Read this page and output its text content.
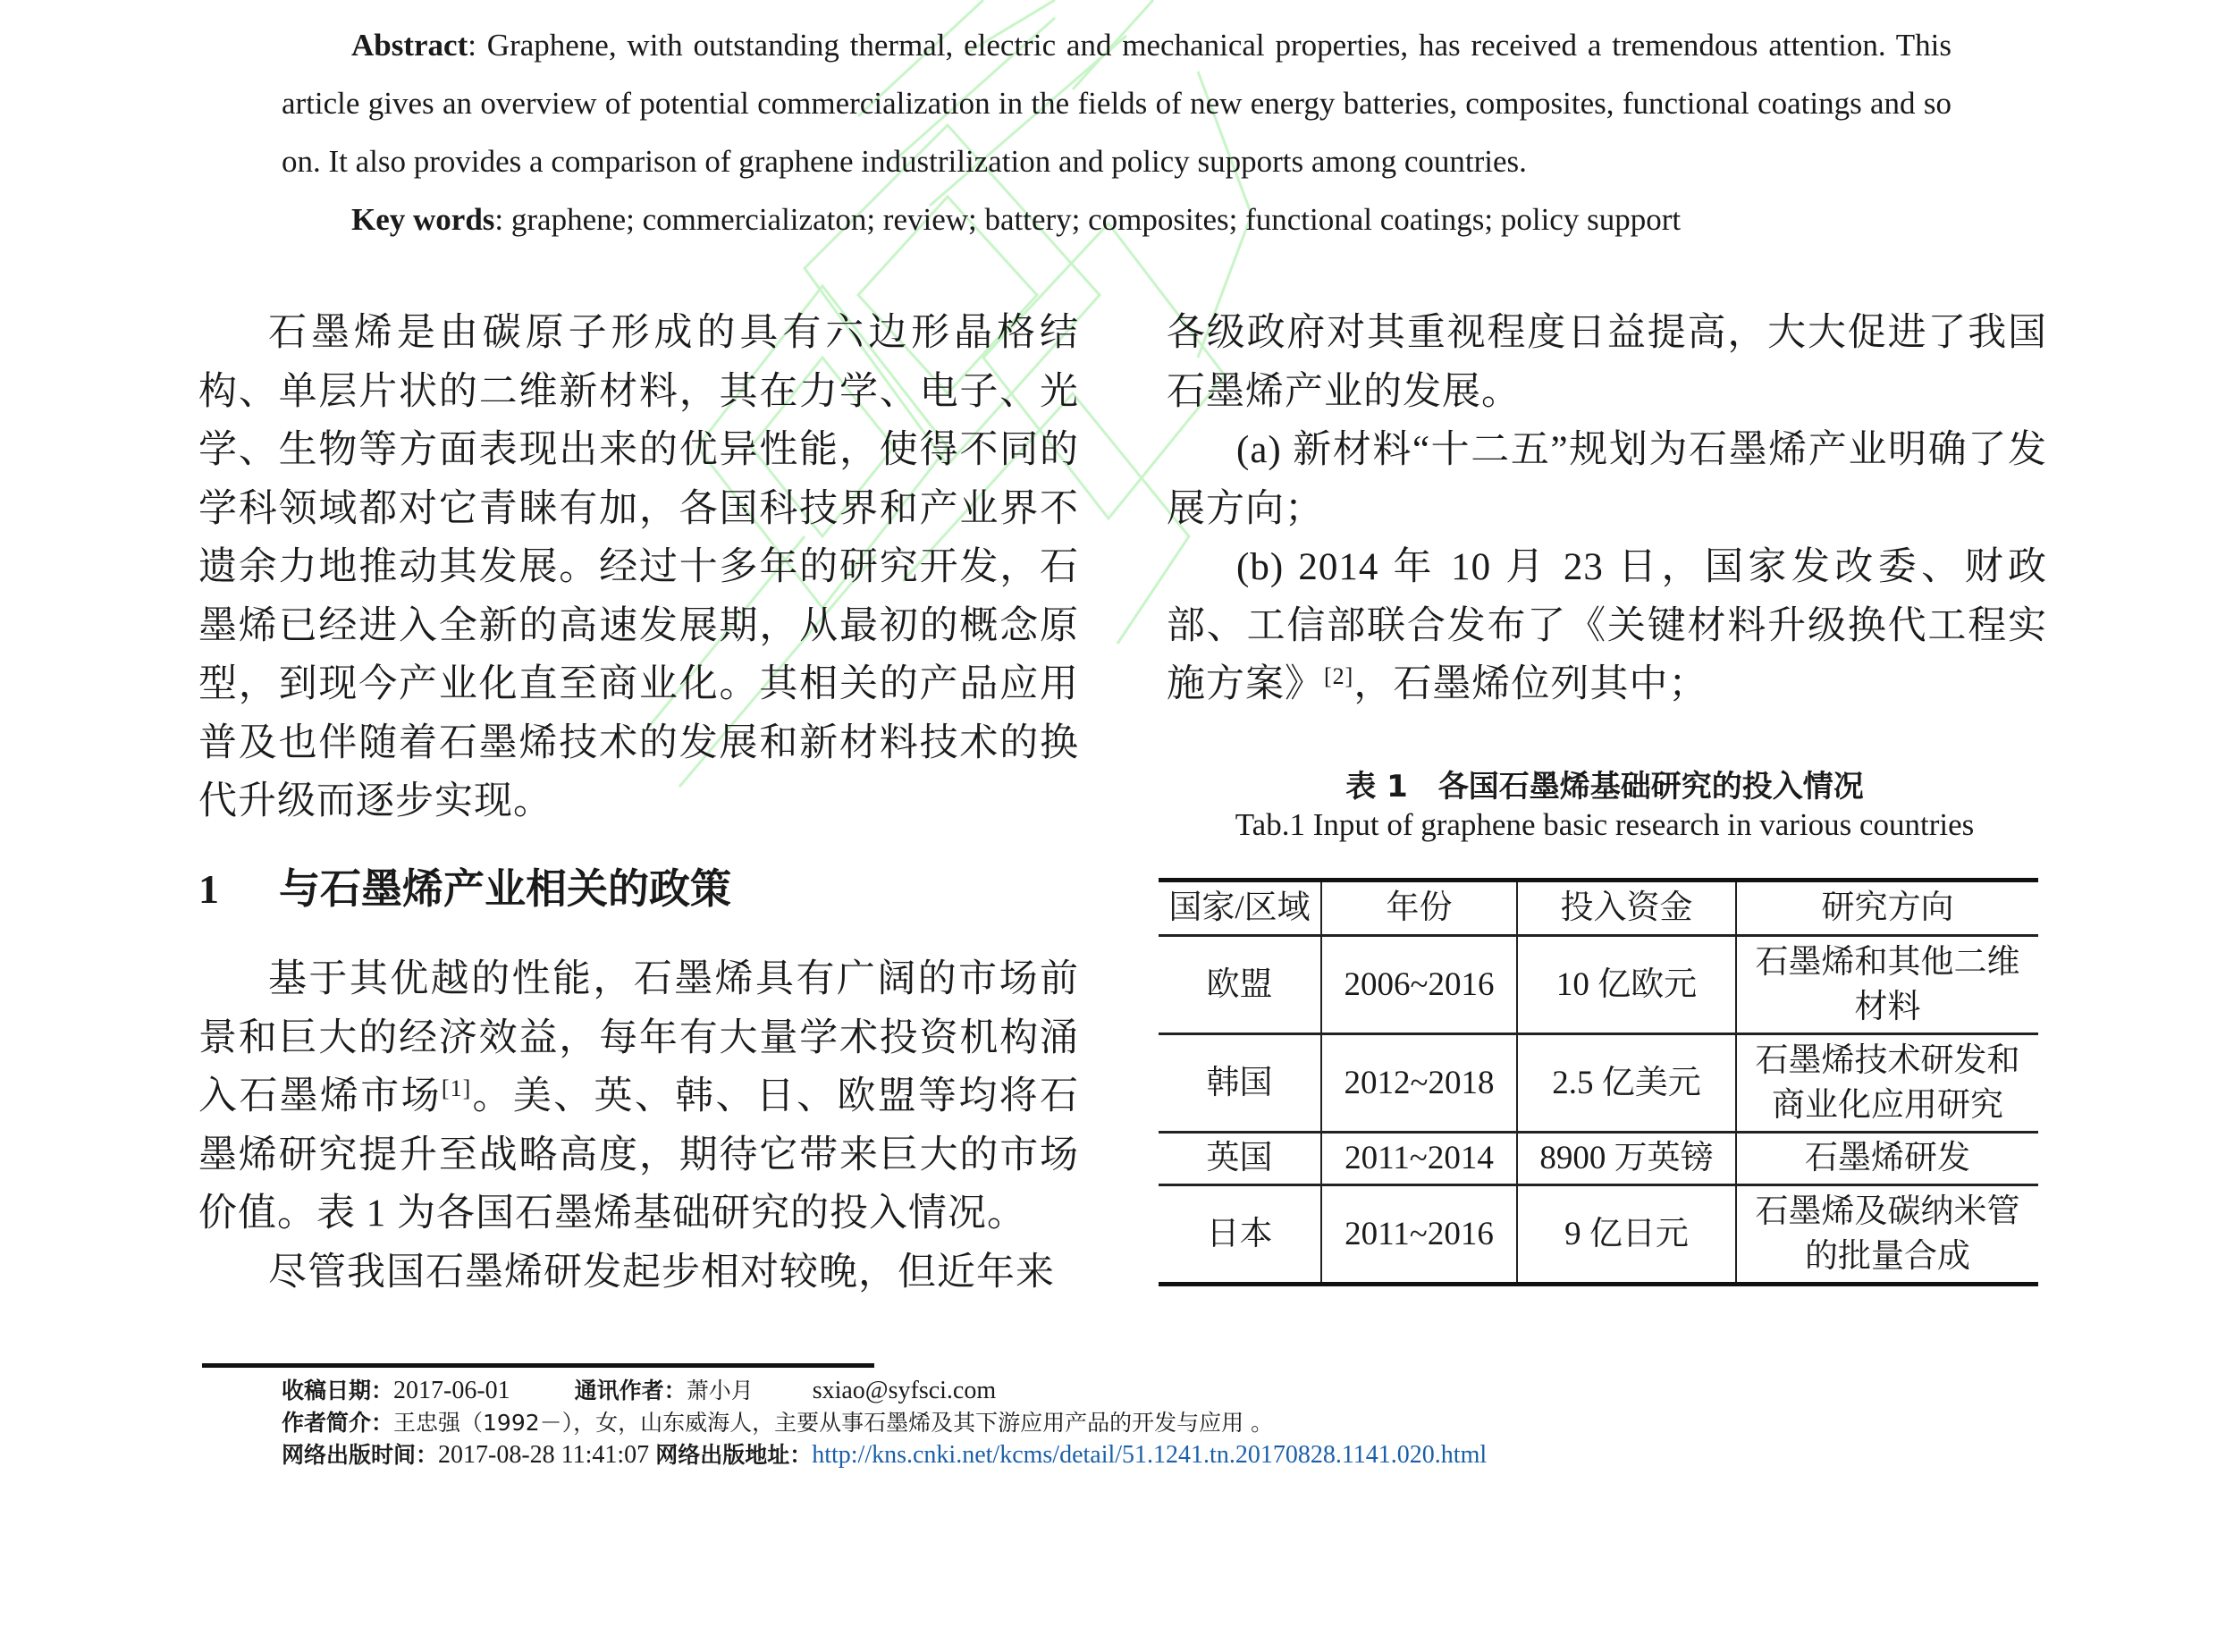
Abstract: Graphene, with outstanding thermal, electric and mechanical properties, has received a tremendous attention. This article gives an overview of potential commercialization in the fields of new energy batteries, composites, functional coatings and so on. It also provides a comparison of graphene industrilization and policy supports among countries.

Key words: graphene; commercializaton; review; battery; composites; functional coatings; policy support

石墨烯是由碳原子形成的具有六边形晶格结构、单层片状的二维新材料，其在力学、电子、光学、生物等方面表现出来的优异性能，使得不同的学科领域都对它青睐有加，各国科技界和产业界不遗余力地推动其发展。经过十多年的研究开发，石墨烯已经进入全新的高速发展期，从最初的概念原型，到现今产业化直至商业化。其相关的产品应用普及也伴随着石墨烯技术的发展和新材料技术的换代升级而逐步实现。

1 与石墨烯产业相关的政策

基于其优越的性能，石墨烯具有广阔的市场前景和巨大的经济效益，每年有大量学术投资机构涌入石墨烯市场[1]。美、英、韩、日、欧盟等均将石墨烯研究提升至战略高度，期待它带来巨大的市场价值。表 1 为各国石墨烯基础研究的投入情况。

尽管我国石墨烯研发起步相对较晚，但近年来

各级政府对其重视程度日益提高，大大促进了我国石墨烯产业的发展。

(a) 新材料“十二五”规划为石墨烯产业明确了发展方向；

(b) 2014 年 10 月 23 日，国家发改委、财政部、工信部联合发布了《关键材料升级换代工程实施方案》[2]，石墨烯位列其中；

表 1　各国石墨烯基础研究的投入情况
Tab.1 Input of graphene basic research in various countries
国家/区域	年份	投入资金	研究方向
欧盟	2006~2016	10 亿欧元	石墨烯和其他二维材料
韩国	2012~2018	2.5 亿美元	石墨烯技术研发和商业化应用研究
英国	2011~2014	8900 万英镑	石墨烯研发
日本	2011~2016	9 亿日元	石墨烯及碳纳米管的批量合成
收稿日期：2017-06-01	通讯作者：萧小月 sxiao@syfsci.com
作者简介：王忠强（1992－），女，山东威海人，主要从事石墨烯及其下游应用产品的开发与应用 。
网络出版时间：2017-08-28 11:41:07 网络出版地址：http://kns.cnki.net/kcms/detail/51.1241.tn.20170828.1141.020.html
